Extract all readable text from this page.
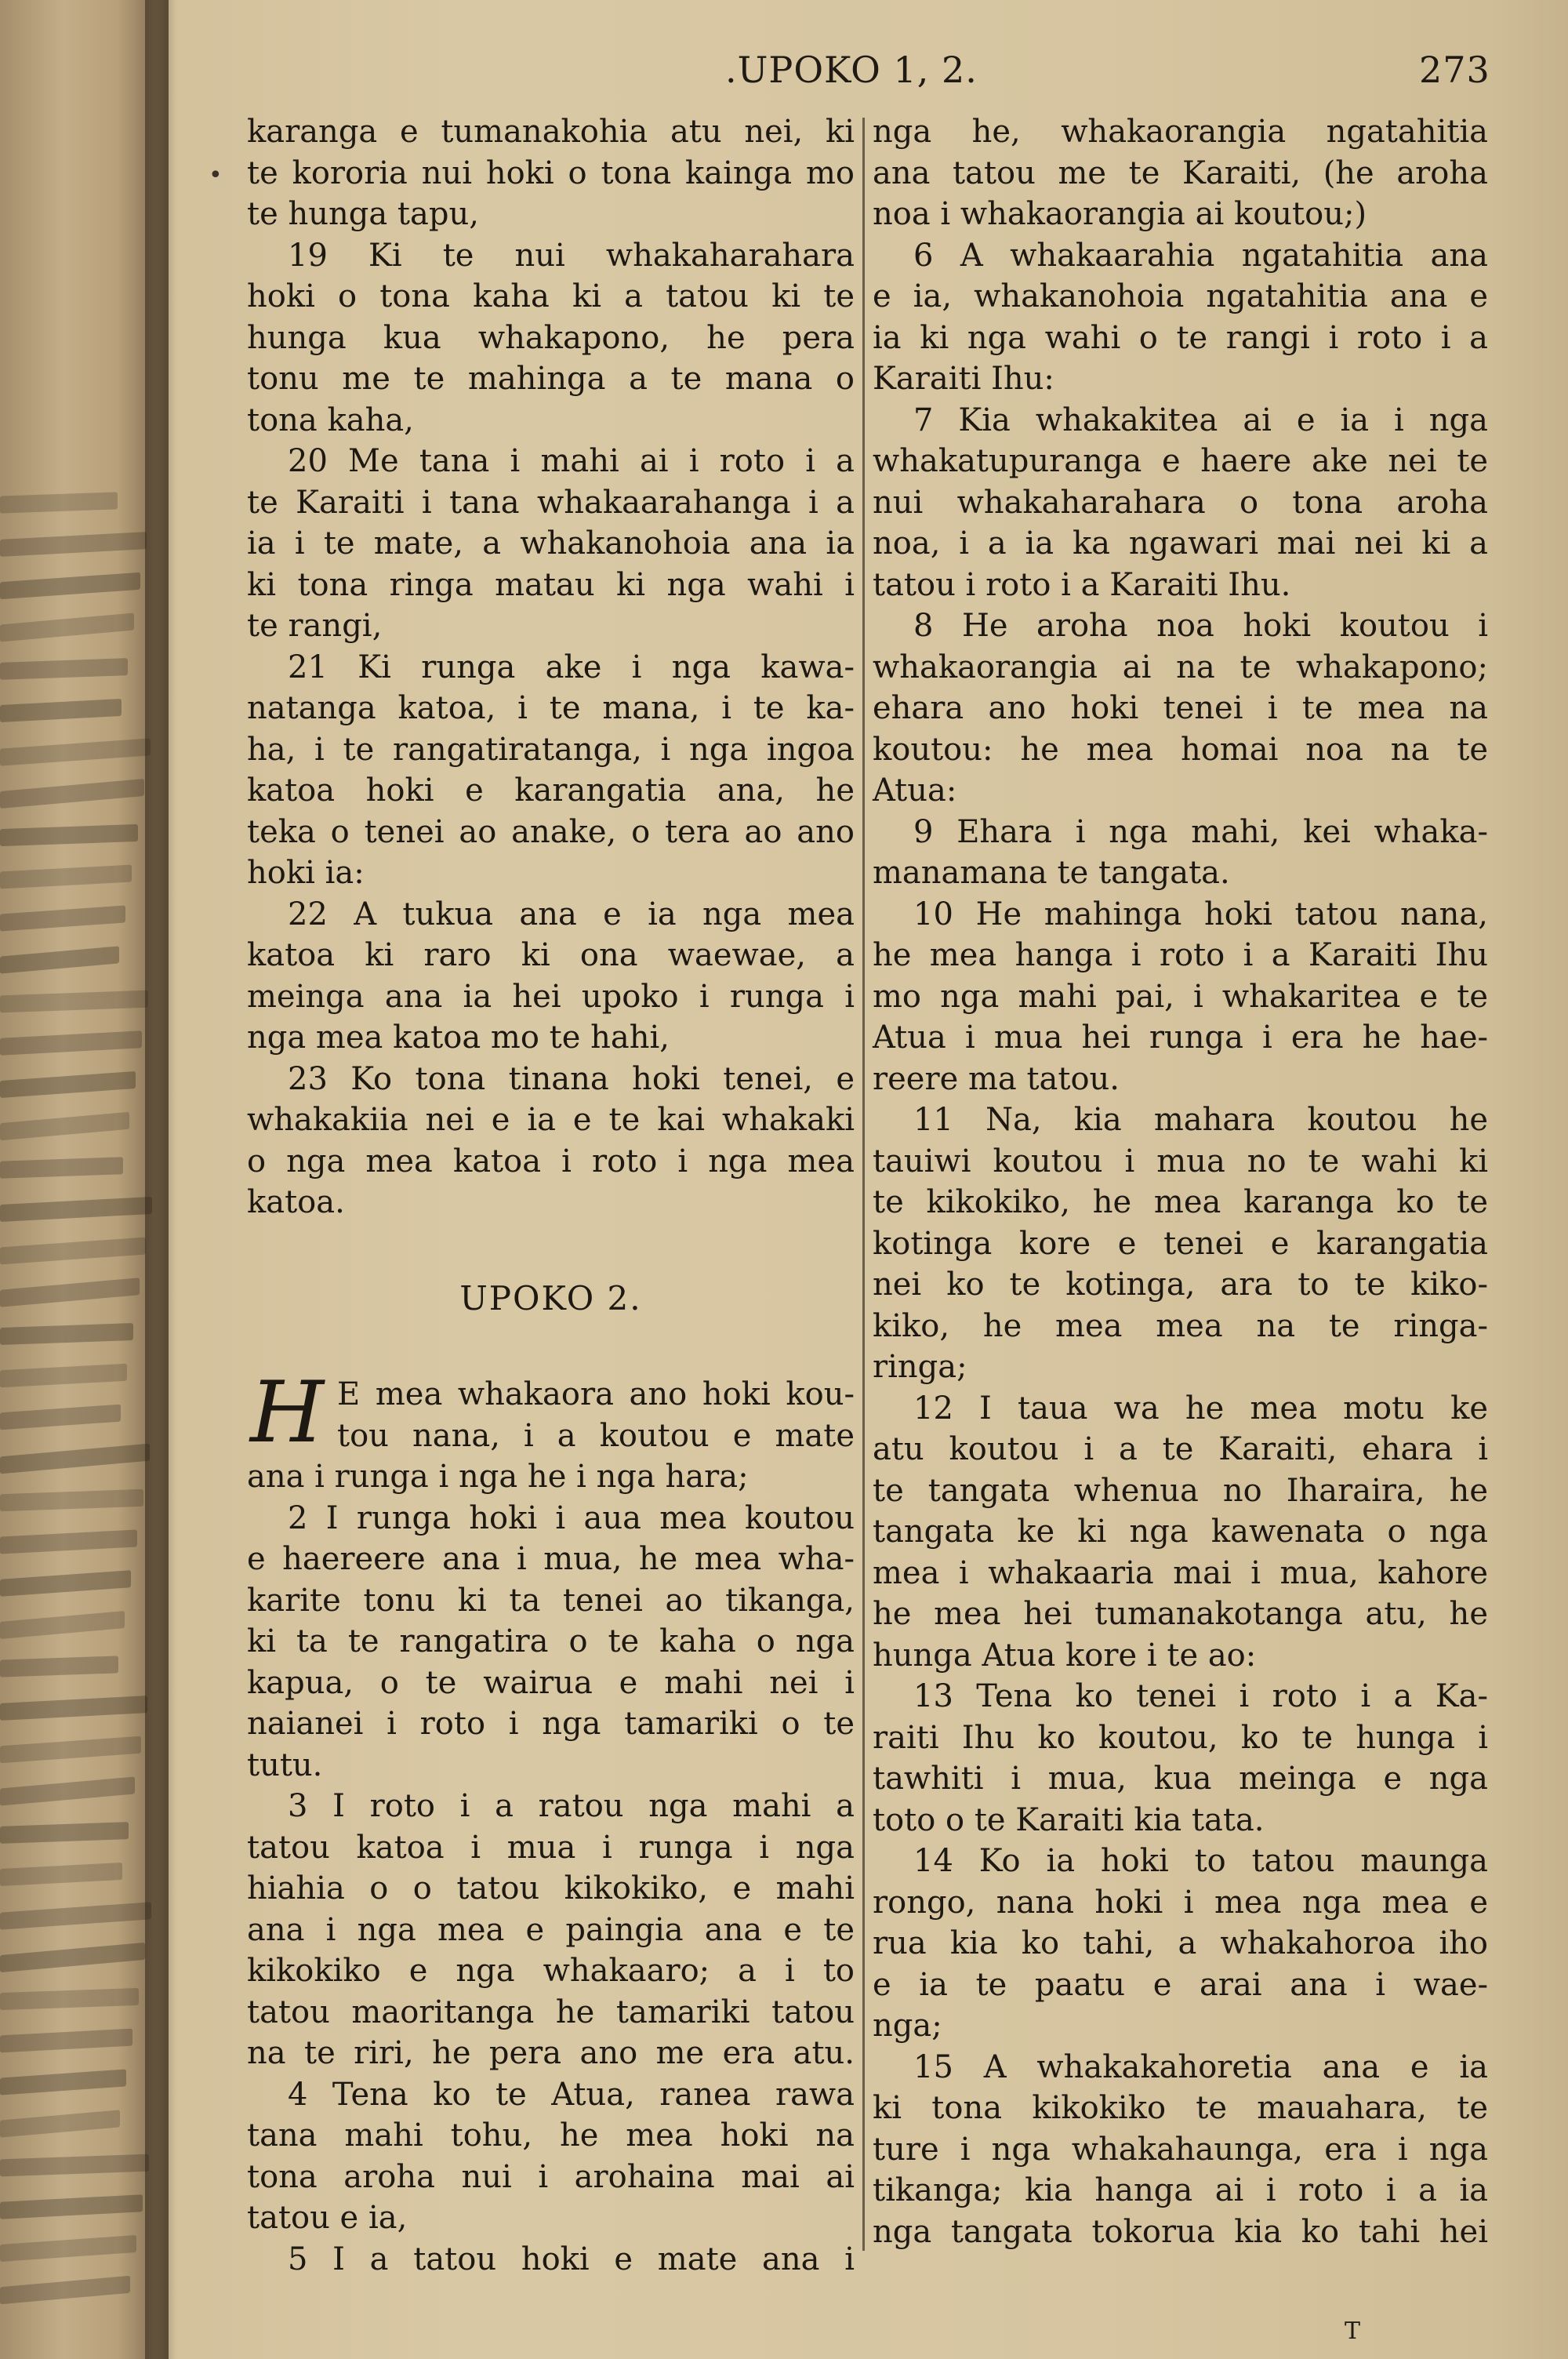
•
.UPOKO 1, 2.	273
karanga e tumanakohia atu nei, ki
te kororia nui hoki o tona kainga mo
te hunga tapu,
19 Ki te nui whakaharahara
hoki o tona kaha ki a tatou ki te
hunga kua whakapono, he pera
tonu me te mahinga a te mana o
tona kaha,
20 Me tana i mahi ai i roto i a
te Karaiti i tana whakaarahanga i a
ia i te mate, a whakanohoia ana ia
ki tona ringa matau ki nga wahi i
te rangi,
21 Ki runga ake i nga kawa-
natanga katoa, i te mana, i te ka-
ha, i te rangatiratanga, i nga ingoa
katoa hoki e karangatia ana, he
teka o tenei ao anake, o tera ao ano
hoki ia:
22 A tukua ana e ia nga mea
katoa ki raro ki ona waewae, a
meinga ana ia hei upoko i runga i
nga mea katoa mo te hahi,
23 Ko tona tinana hoki tenei, e
whakakiia nei e ia e te kai whakaki
o nga mea katoa i roto i nga mea
katoa.
UPOKO 2.
E mea whakaora ano hoki kou-
tou nana, i a koutou e mate
ana i runga i nga he i nga hara;
2 I runga hoki i aua mea koutou
e haereere ana i mua, he mea wha-
karite tonu ki ta tenei ao tikanga,
ki ta te rangatira o te kaha o nga
kapua, o te wairua e mahi nei i
naianei i roto i nga tamariki o te
tutu.
3 I roto i a ratou nga mahi a
tatou katoa i mua i runga i nga
hiahia o o tatou kikokiko, e mahi
ana i nga mea e paingia ana e te
kikokiko e nga whakaaro; a i to
tatou maoritanga he tamariki tatou
na te riri, he pera ano me era atu.
4 Tena ko te Atua, ranea rawa
tana mahi tohu, he mea hoki na
tona aroha nui i arohaina mai ai
tatou e ia,
5 I a tatou hoki e mate ana i
nga he, whakaorangia ngatahitia
ana tatou me te Karaiti, (he aroha
noa i whakaorangia ai koutou;)
6 A whakaarahia ngatahitia ana
e ia, whakanohoia ngatahitia ana e
ia ki nga wahi o te rangi i roto i a
Karaiti Ihu:
7 Kia whakakitea ai e ia i nga
whakatupuranga e haere ake nei te
nui whakaharahara o tona aroha
noa, i a ia ka ngawari mai nei ki a
tatou i roto i a Karaiti Ihu.
8 He aroha noa hoki koutou i
whakaorangia ai na te whakapono;
ehara ano hoki tenei i te mea na
koutou: he mea homai noa na te
Atua:
9 Ehara i nga mahi, kei whaka-
manamana te tangata.
10 He mahinga hoki tatou nana,
he mea hanga i roto i a Karaiti Ihu
mo nga mahi pai, i whakaritea e te
Atua i mua hei runga i era he hae-
reere ma tatou.
11 Na, kia mahara koutou he
tauiwi koutou i mua no te wahi ki
te kikokiko, he mea karanga ko te
kotinga kore e tenei e karangatia
nei ko te kotinga, ara to te kiko-
kiko, he mea mea na te ringa-
ringa;
12 I taua wa he mea motu ke
atu koutou i a te Karaiti, ehara i
te tangata whenua no Iharaira, he
tangata ke ki nga kawenata o nga
mea i whakaaria mai i mua, kahore
he mea hei tumanakotanga atu, he
hunga Atua kore i te ao:
13 Tena ko tenei i roto i a Ka-
raiti Ihu ko koutou, ko te hunga i
tawhiti i mua, kua meinga e nga
toto o te Karaiti kia tata.
14 Ko ia hoki to tatou maunga
rongo, nana hoki i mea nga mea e
rua kia ko tahi, a whakahoroa iho
e ia te paatu e arai ana i wae-
nga;
15 A whakakahoretia ana e ia
ki tona kikokiko te mauahara, te
ture i nga whakahaunga, era i nga
tikanga; kia hanga ai i roto i a ia
nga tangata tokorua kia ko tahi hei
H
T
